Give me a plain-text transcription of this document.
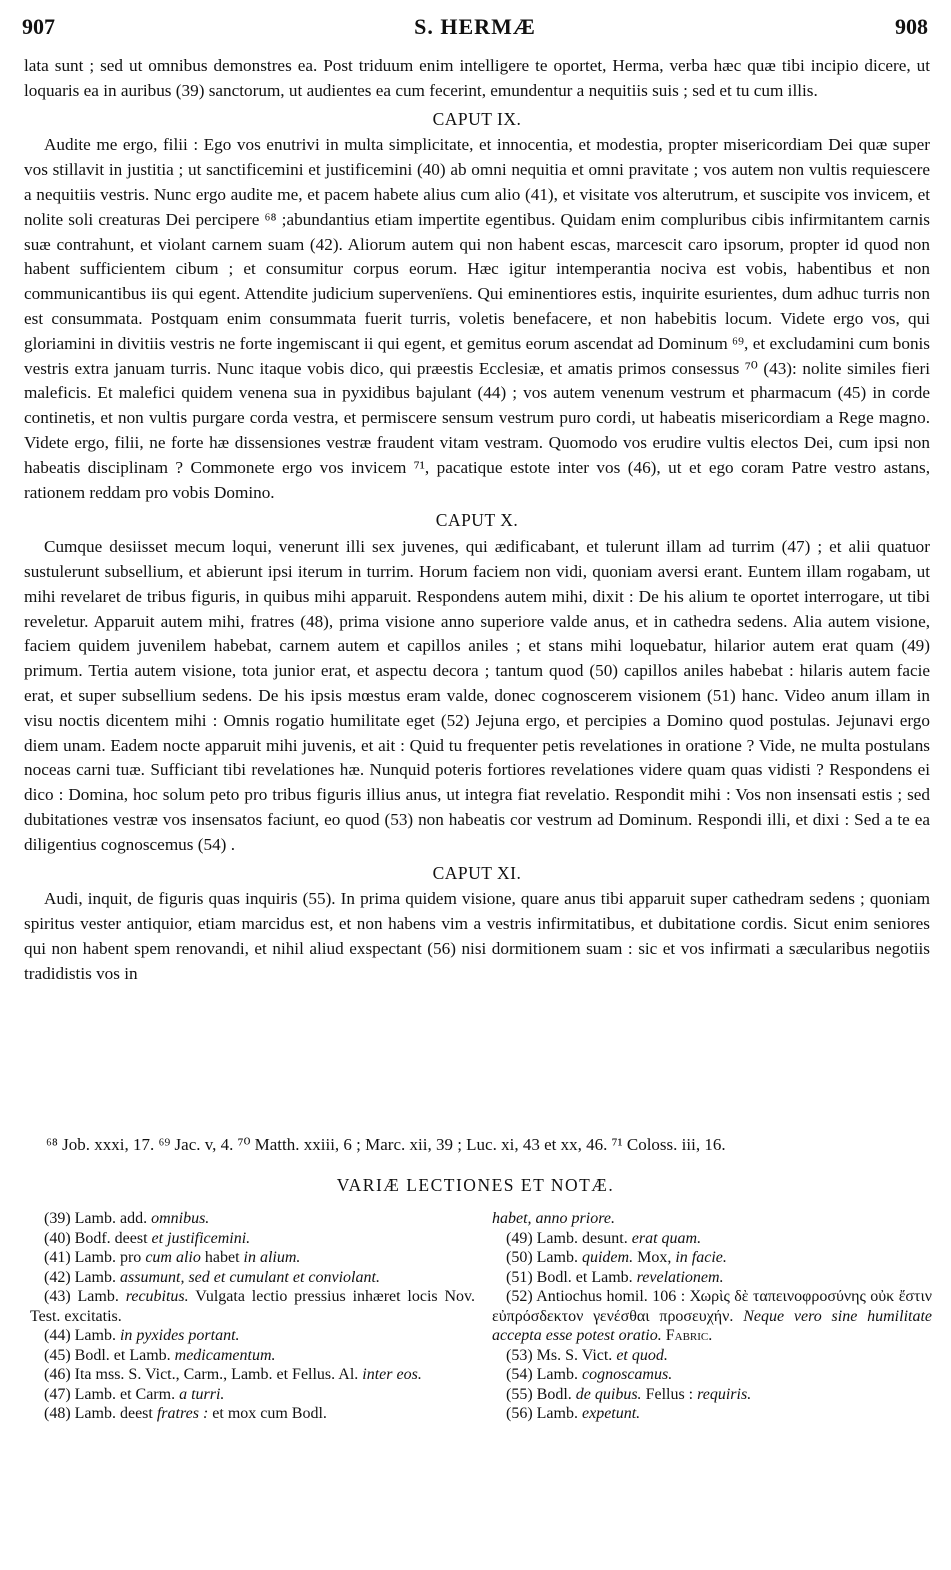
907	S. HERMÆ	908

lata sunt ; sed ut omnibus demonstres ea. Post triduum enim intelligere te oportet, Herma, verba hæc quæ tibi incipio dicere, ut loquaris ea in auribus (39) sanctorum, ut audientes ea cum fecerint, emundentur a nequitiis suis ; sed et tu cum illis.

CAPUT IX.

Audite me ergo, filii : Ego vos enutrivi in multa simplicitate, et innocentia, et modestia, propter misericordiam Dei quæ super vos stillavit in justitia ; ut sanctificemini et justificemini (40) ab omni nequitia et omni pravitate ; vos autem non vultis requiescere a nequitiis vestris. Nunc ergo audite me, et pacem habete alius cum alio (41), et visitate vos alterutrum, et suscipite vos invicem, et nolite soli creaturas Dei percipere ⁶⁸ ;abundantius etiam impertite egentibus. Quidam enim compluribus cibis infirmitantem carnis suæ contrahunt, et violant carnem suam (42). Aliorum autem qui non habent escas, marcescit caro ipsorum, propter id quod non habent sufficientem cibum ; et consumitur corpus eorum. Hæc igitur intemperantia nociva est vobis, habentibus et non communicantibus iis qui egent. Attendite judicium supervenïens. Qui eminentiores estis, inquirite esurientes, dum adhuc turris non est consummata. Postquam enim consummata fuerit turris, voletis benefacere, et non habebitis locum. Videte ergo vos, qui gloriamini in divitiis vestris ne forte ingemiscant ii qui egent, et gemitus eorum ascendat ad Dominum ⁶⁹, et excludamini cum bonis vestris extra januam turris. Nunc itaque vobis dico, qui præestis Ecclesiæ, et amatis primos consessus ⁷⁰ (43): nolite similes fieri maleficis. Et malefici quidem venena sua in pyxidibus bajulant (44) ; vos autem venenum vestrum et pharmacum (45) in corde continetis, et non vultis purgare corda vestra, et permiscere sensum vestrum puro cordi, ut habeatis misericordiam a Rege magno. Videte ergo, filii, ne forte hæ dissensiones vestræ fraudent vitam vestram. Quomodo vos erudire vultis electos Dei, cum ipsi non habeatis disciplinam ? Commonete ergo vos invicem ⁷¹, pacatique estote inter vos (46), ut et ego coram Patre vestro astans, rationem reddam pro vobis Domino.

CAPUT X.

Cumque desiisset mecum loqui, venerunt illi sex juvenes, qui ædificabant, et tulerunt illam ad turrim (47) ; et alii quatuor sustulerunt subsellium, et abierunt ipsi iterum in turrim. Horum faciem non vidi, quoniam aversi erant. Euntem illam rogabam, ut mihi revelaret de tribus figuris, in quibus mihi apparuit. Respondens autem mihi, dixit : De his alium te oportet interrogare, ut tibi reveletur. Apparuit autem mihi, fratres (48), prima visione anno superiore valde anus, et in cathedra sedens. Alia autem visione, faciem quidem juvenilem habebat, carnem autem et capillos aniles ; et stans mihi loquebatur, hilarior autem erat quam (49) primum. Tertia autem visione, tota junior erat, et aspectu decora ; tantum quod (50) capillos aniles habebat : hilaris autem facie erat, et super subsellium sedens. De his ipsis mœstus eram valde, donec cognoscerem visionem (51) hanc. Video anum illam in visu noctis dicentem mihi : Omnis rogatio humilitate eget (52) Jejuna ergo, et percipies a Domino quod postulas. Jejunavi ergo diem unam. Eadem nocte apparuit mihi juvenis, et ait : Quid tu frequenter petis revelationes in oratione ? Vide, ne multa postulans noceas carni tuæ. Sufficiant tibi revelationes hæ. Nunquid poteris fortiores revelationes videre quam quas vidisti ? Respondens ei dico : Domina, hoc solum peto pro tribus figuris illius anus, ut integra fiat revelatio. Respondit mihi : Vos non insensati estis ; sed dubitationes vestræ vos insensatos faciunt, eo quod (53) non habeatis cor vestrum ad Dominum. Respondi illi, et dixi : Sed a te ea diligentius cognoscemus (54) .

CAPUT XI.

Audi, inquit, de figuris quas inquiris (55). In prima quidem visione, quare anus tibi apparuit super cathedram sedens ; quoniam spiritus vester antiquior, etiam marcidus est, et non habens vim a vestris infirmitatibus, et dubitatione cordis. Sicut enim seniores qui non habent spem renovandi, et nihil aliud exspectant (56) nisi dormitionem suam : sic et vos infirmati a sæcularibus negotiis tradidistis vos in

⁶⁸ Job. xxxi, 17. ⁶⁹ Jac. v, 4. ⁷⁰ Matth. xxiii, 6 ; Marc. xii, 39 ; Luc. xi, 43 et xx, 46. ⁷¹ Coloss. iii, 16.
VARIÆ LECTIONES ET NOTÆ.

(39) Lamb. add. omnibus.

(40) Bodf. deest et justificemini.

(41) Lamb. pro cum alio habet in alium.

(42) Lamb. assumunt, sed et cumulant et conviolant.

(43) Lamb. recubitus. Vulgata lectio pressius inhæret locis Nov. Test. excitatis.

(44) Lamb. in pyxides portant.

(45) Bodl. et Lamb. medicamentum.

(46) Ita mss. S. Vict., Carm., Lamb. et Fellus. Al. inter eos.

(47) Lamb. et Carm. a turri.

(48) Lamb. deest fratres : et mox cum Bodl.

habet, anno priore.

(49) Lamb. desunt. erat quam.

(50) Lamb. quidem. Mox, in facie.

(51) Bodl. et Lamb. revelationem.

(52) Antiochus homil. 106 : Χωρὶς δὲ ταπεινοφροσύνης οὐκ ἔστιν εὐπρόσδεκτον γενέσθαι προσευχήν. Neque vero sine humilitate accepta esse potest oratio. Fabric.

(53) Ms. S. Vict. et quod.

(54) Lamb. cognoscamus.

(55) Bodl. de quibus. Fellus : requiris.

(56) Lamb. expetunt.
